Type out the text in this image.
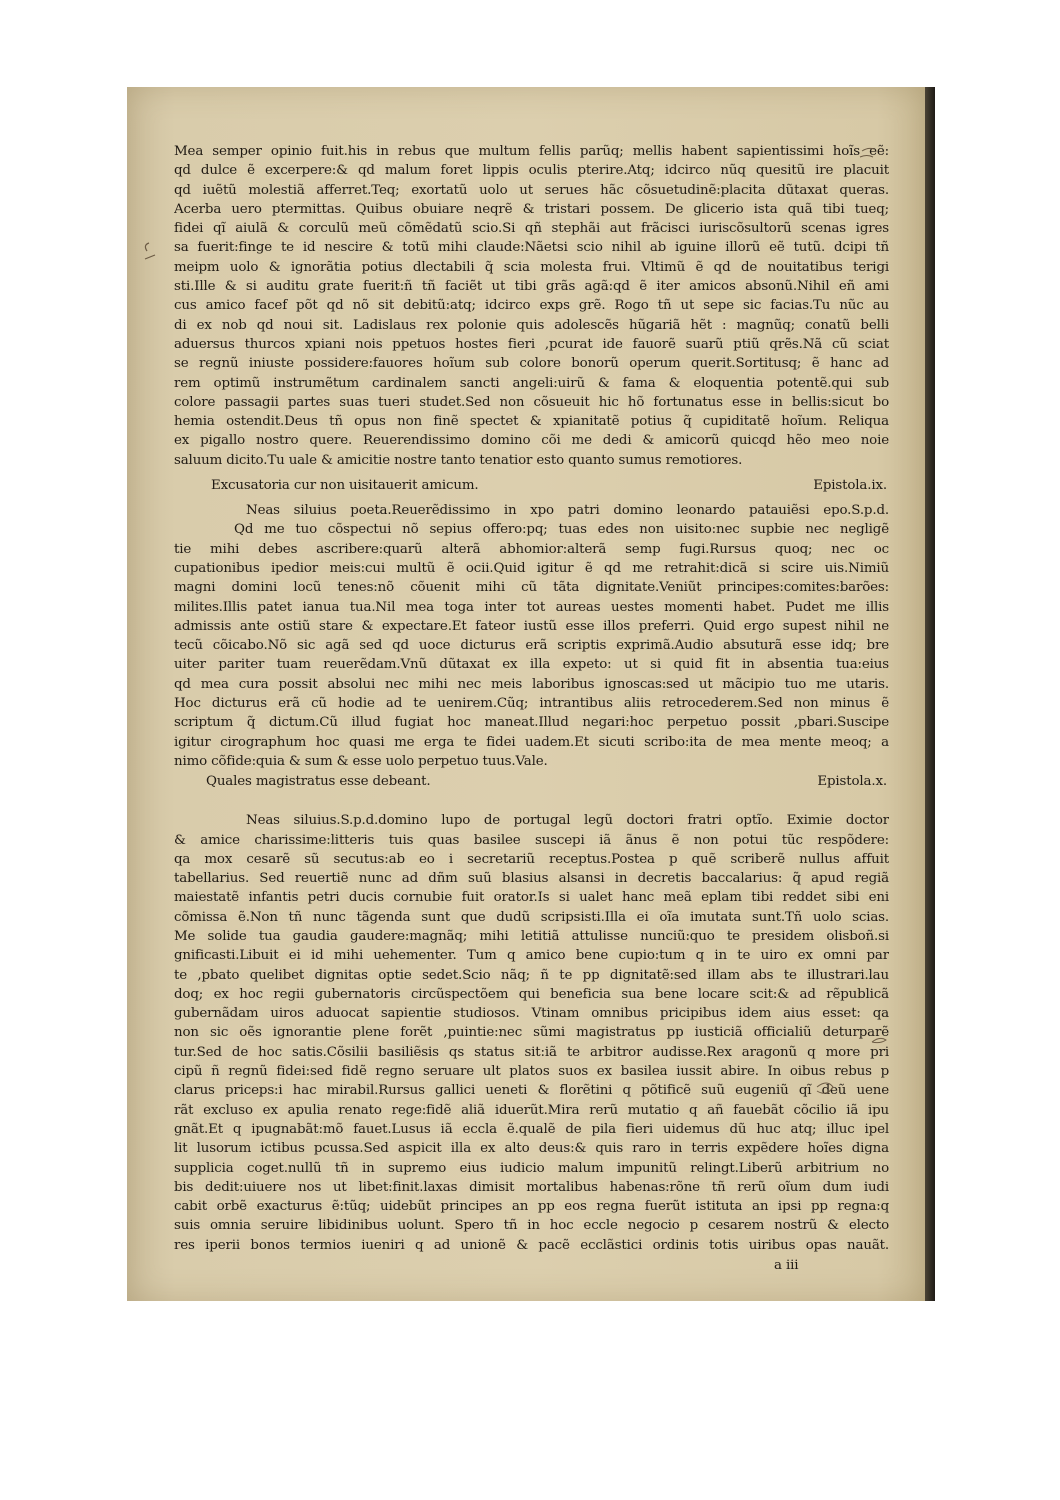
Mea semper opinio fuit.his in rebus que multum fellis parũq; mellis habent sapientissimi hoĩs eẽ:
qd dulce ẽ excerpere:& qd malum foret lippis oculis pterire.Atq; idcirco nũq quesitũ ire placuit
qd iuẽtũ molestiã afferret.Teq; exortatũ uolo ut serues hãc cõsuetudinẽ:placita dũtaxat queras.
Acerba uero ptermittas. Quibus obuiare neqrẽ & tristari possem. De glicerio ista quã tibi tueq;
fidei qĩ aiulã & corculũ meũ cõmẽdatũ scio.Si qñ stephãi aut frãcisci iuriscõsultorũ scenas igres
sa fuerit:finge te id nescire & totũ mihi claude:Nãetsi scio nihil ab iguine illorũ eẽ tutũ. dcipi tñ
meipm uolo & ignorãtia potius dlectabili q̃ scia molesta frui. Vltimũ ẽ qd de nouitatibus terigi
sti.Ille & si auditu grate fuerit:ñ tñ faciẽt ut tibi grãs agã:qd ẽ iter amicos absonũ.Nihil eñ ami
cus amico facef põt qd nõ sit debitũ:atq; idcirco exps grẽ. Rogo tñ ut sepe sic facias.Tu nũc au
di ex nob qd noui sit. Ladislaus rex polonie quis adolescẽs hũgariã hẽt : magnũq; conatũ belli
aduersus thurcos xpiani nois ppetuos hostes fieri ,pcurat ide fauorẽ suarũ ptiũ qrẽs.Nã cũ sciat
se regnũ iniuste possidere:fauores hoĩum sub colore bonorũ operum querit.Sortitusq; ẽ hanc ad
rem optimũ instrumẽtum cardinalem sancti angeli:uirũ & fama & eloquentia potentẽ.qui sub
colore passagii partes suas tueri studet.Sed non cõsueuit hic hõ fortunatus esse in bellis:sicut bo
hemia ostendit.Deus tñ opus non finẽ spectet & xpianitatẽ potius q̃ cupiditatẽ hoĩum. Reliqua
ex pigallo nostro quere. Reuerendissimo domino cõi me dedi & amicorũ quicqd hẽo meo noie
saluum dicito.Tu uale & amicitie nostre tanto tenatior esto quanto sumus remotiores.
Excusatoria cur non uisitauerit amicum.	Epistola.ix.
Neas siluius poeta.Reuerẽdissimo in xpo patri domino leonardo patauiẽsi epo.S.p.d.
Qd me tuo cõspectui nõ sepius offero:pq; tuas edes non uisito:nec supbie nec negligẽ
tie mihi debes ascribere:quarũ alterã abhomior:alterã semp fugi.Rursus quoq; nec oc
cupationibus ipedior meis:cui multũ ẽ ocii.Quid igitur ẽ qd me retrahit:dicã si scire uis.Nimiũ
magni domini locũ tenes:nõ cõuenit mihi cũ tãta dignitate.Veniũt principes:comites:barões:
milites.Illis patet ianua tua.Nil mea toga inter tot aureas uestes momenti habet. Pudet me illis
admissis ante ostiũ stare & expectare.Et fateor iustũ esse illos preferri. Quid ergo supest nihil ne
tecũ cõicabo.Nõ sic agã sed qd uoce dicturus erã scriptis exprimã.Audio absuturã esse idq; bre
uiter pariter tuam reuerẽdam.Vnũ dũtaxat ex illa expeto: ut si quid fit in absentia tua:eius
qd mea cura possit absolui nec mihi nec meis laboribus ignoscas:sed ut mãcipio tuo me utaris.
Hoc dicturus erã cũ hodie ad te uenirem.Cũq; intrantibus aliis retrocederem.Sed non minus ẽ
scriptum q̃ dictum.Cũ illud fugiat hoc maneat.Illud negari:hoc perpetuo possit ,pbari.Suscipe
igitur cirographum hoc quasi me erga te fidei uadem.Et sicuti scribo:ita de mea mente meoq; a
nimo cõfide:quia & sum & esse uolo perpetuo tuus.Vale.
Quales magistratus esse debeant.	Epistola.x.
Neas siluius.S.p.d.domino lupo de portugal legũ doctori fratri optĩo. Eximie doctor
& amice charissime:litteris tuis quas basilee suscepi iã ãnus ẽ non potui tũc respõdere:
qa mox cesarẽ sũ secutus:ab eo i secretariũ receptus.Postea p quẽ scriberẽ nullus affuit
tabellarius. Sed reuertiẽ nunc ad dñm suũ blasius alsansi in decretis baccalarius: q̃ apud regiã
maiestatẽ infantis petri ducis cornubie fuit orator.Is si ualet hanc meã eplam tibi reddet sibi eni
cõmissa ẽ.Non tñ nunc tãgenda sunt que dudũ scripsisti.Illa ei oĩa imutata sunt.Tñ uolo scias.
Me solide tua gaudia gaudere:magnãq; mihi letitiã attulisse nunciũ:quo te presidem olisboñ.si
gnificasti.Libuit ei id mihi uehementer. Tum q amico bene cupio:tum q in te uiro ex omni par
te ,pbato quelibet dignitas optie sedet.Scio nãq; ñ te pp dignitatẽ:sed illam abs te illustrari.lau
doq; ex hoc regii gubernatoris circũspectõem qui beneficia sua bene locare scit:& ad rẽpublicã
gubernãdam uiros aduocat sapientie studiosos. Vtinam omnibus pricipibus idem aius esset: qa
non sic oẽs ignorantie plene forẽt ,puintie:nec sũmi magistratus pp iusticiã officialiũ deturparẽ
tur.Sed de hoc satis.Cõsilii basiliẽsis qs status sit:iã te arbitror audisse.Rex aragonũ q more pri
cipũ ñ regnũ fidei:sed fidẽ regno seruare ult platos suos ex basilea iussit abire. In oibus rebus p
clarus priceps:i hac mirabil.Rursus gallici ueneti & florẽtini q põtificẽ suũ eugeniũ qĩ deũ uene
rãt excluso ex apulia renato rege:fidẽ aliã iduerũt.Mira rerũ mutatio q añ fauebãt cõcilio iã ipu
gnãt.Et q ipugnabãt:mõ fauet.Lusus iã eccla ẽ.qualẽ de pila fieri uidemus dũ huc atq; illuc ipel
lit lusorum ictibus pcussa.Sed aspicit illa ex alto deus:& quis raro in terris expẽdere hoĩes digna
supplicia coget.nullũ tñ in supremo eius iudicio malum impunitũ relingt.Liberũ arbitrium no
bis dedit:uiuere nos ut libet:finit.laxas dimisit mortalibus habenas:rõne tñ rerũ oĩum dum iudi
cabit orbẽ exacturus ẽ:tũq; uidebũt principes an pp eos regna fuerũt istituta an ipsi pp regna:q
suis omnia seruire libidinibus uolunt. Spero tñ in hoc eccle negocio p cesarem nostrũ & electo
res iperii bonos termios iueniri q ad unionẽ & pacẽ ecclãstici ordinis totis uiribus opas nauãt.
a iii
